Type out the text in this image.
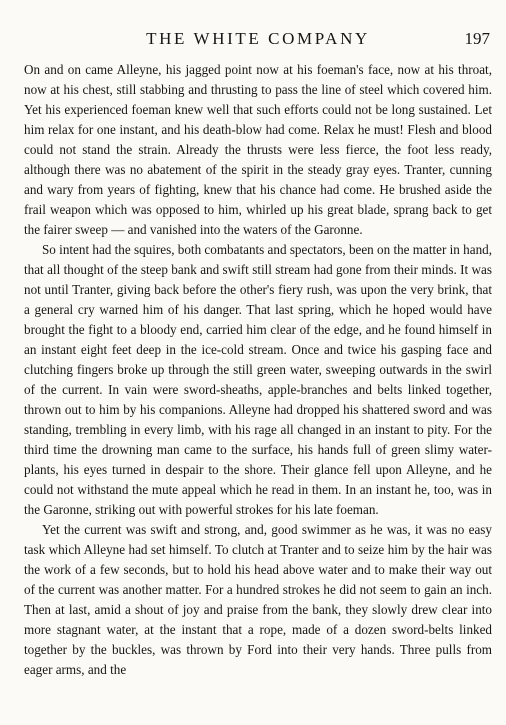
THE WHITE COMPANY	197

On and on came Alleyne, his jagged point now at his foeman's face, now at his throat, now at his chest, still stabbing and thrusting to pass the line of steel which covered him. Yet his experienced foeman knew well that such efforts could not be long sustained. Let him relax for one instant, and his death-blow had come. Relax he must! Flesh and blood could not stand the strain. Already the thrusts were less fierce, the foot less ready, although there was no abatement of the spirit in the steady gray eyes. Tranter, cunning and wary from years of fighting, knew that his chance had come. He brushed aside the frail weapon which was opposed to him, whirled up his great blade, sprang back to get the fairer sweep — and vanished into the waters of the Garonne.

So intent had the squires, both combatants and spectators, been on the matter in hand, that all thought of the steep bank and swift still stream had gone from their minds. It was not until Tranter, giving back before the other's fiery rush, was upon the very brink, that a general cry warned him of his danger. That last spring, which he hoped would have brought the fight to a bloody end, carried him clear of the edge, and he found himself in an instant eight feet deep in the ice-cold stream. Once and twice his gasping face and clutching fingers broke up through the still green water, sweeping outwards in the swirl of the current. In vain were sword-sheaths, apple-branches and belts linked together, thrown out to him by his companions. Alleyne had dropped his shattered sword and was standing, trembling in every limb, with his rage all changed in an instant to pity. For the third time the drowning man came to the surface, his hands full of green slimy water-plants, his eyes turned in despair to the shore. Their glance fell upon Alleyne, and he could not withstand the mute appeal which he read in them. In an instant he, too, was in the Garonne, striking out with powerful strokes for his late foeman.

Yet the current was swift and strong, and, good swimmer as he was, it was no easy task which Alleyne had set himself. To clutch at Tranter and to seize him by the hair was the work of a few seconds, but to hold his head above water and to make their way out of the current was another matter. For a hundred strokes he did not seem to gain an inch. Then at last, amid a shout of joy and praise from the bank, they slowly drew clear into more stagnant water, at the instant that a rope, made of a dozen sword-belts linked together by the buckles, was thrown by Ford into their very hands. Three pulls from eager arms, and the
